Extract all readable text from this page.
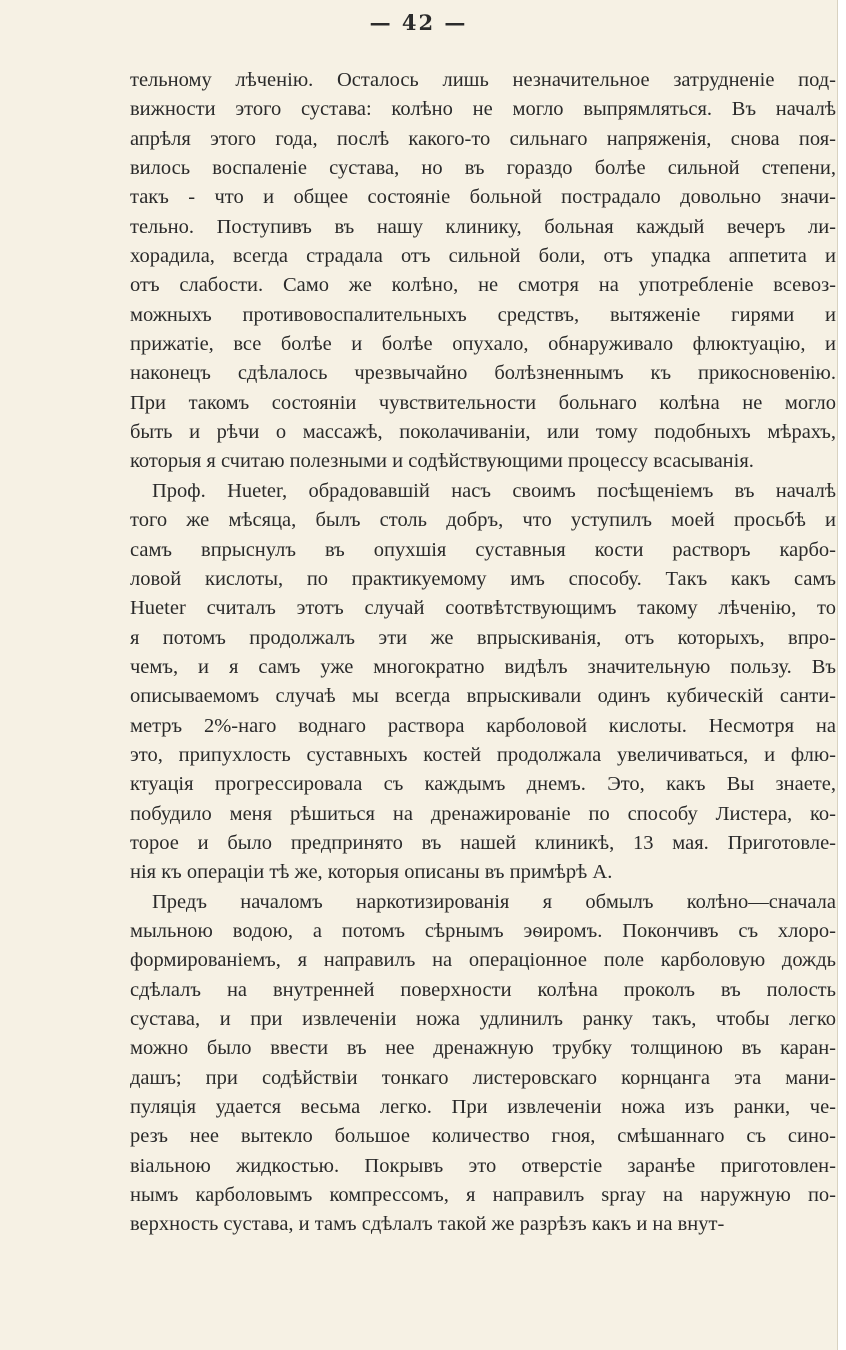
— 42 —
тельному лѣченію. Осталось лишь незначительное затрудненіе под-
вижности этого сустава: колѣно не могло выпрямляться. Въ началѣ
апрѣля этого года, послѣ какого-то сильнаго напряженія, снова поя-
вилось воспаленіе сустава, но въ гораздо болѣе сильной степени,
такъ - что и общее состояніе больной пострадало довольно значи-
тельно. Поступивъ въ нашу клинику, больная каждый вечеръ ли-
хорадила, всегда страдала отъ сильной боли, отъ упадка аппетита и
отъ слабости. Само же колѣно, не смотря на употребленіе всевоз-
можныхъ противовоспалительныхъ средствъ, вытяженіе гирями и
прижатіе, все болѣе и болѣе опухало, обнаруживало флюктуацію, и
наконецъ сдѣлалось чрезвычайно болѣзненнымъ къ прикосновенію.
При такомъ состояніи чувствительности больнаго колѣна не могло
быть и рѣчи о массажѣ, поколачиваніи, или тому подобныхъ мѣрахъ,
которыя я считаю полезными и содѣйствующими процессу всасыванія.
Проф. Hueter, обрадовавшій насъ своимъ посѣщеніемъ въ началѣ
того же мѣсяца, былъ столь добръ, что уступилъ моей просьбѣ и
самъ впрыснулъ въ опухшія суставныя кости растворъ карбо-
ловой кислоты, по практикуемому имъ способу. Такъ какъ самъ
Hueter считалъ этотъ случай соотвѣтствующимъ такому лѣченію, то
я потомъ продолжалъ эти же впрыскиванія, отъ которыхъ, впро-
чемъ, и я самъ уже многократно видѣлъ значительную пользу. Въ
описываемомъ случаѣ мы всегда впрыскивали одинъ кубическій санти-
метръ 2%-наго воднаго раствора карболовой кислоты. Несмотря на
это, припухлость суставныхъ костей продолжала увеличиваться, и флю-
ктуація прогрессировала съ каждымъ днемъ. Это, какъ Вы знаете,
побудило меня рѣшиться на дренажированіе по способу Листера, ко-
торое и было предпринято въ нашей клиникѣ, 13 мая. Приготовле-
нія къ операціи тѣ же, которыя описаны въ примѣрѣ А.
Предъ началомъ наркотизированія я обмылъ колѣно—сначала
мыльною водою, а потомъ сѣрнымъ эѳиромъ. Покончивъ съ хлоро-
формированіемъ, я направилъ на операціонное поле карболовую дождь
сдѣлалъ на внутренней поверхности колѣна проколъ въ полость
сустава, и при извлеченіи ножа удлинилъ ранку такъ, чтобы легко
можно было ввести въ нее дренажную трубку толщиною въ каран-
дашъ; при содѣйствіи тонкаго листеровскаго корнцанга эта мани-
пуляція удается весьма легко. При извлеченіи ножа изъ ранки, че-
резъ нее вытекло большое количество гноя, смѣшаннаго съ сино-
віальною жидкостью. Покрывъ это отверстіе заранѣе приготовлен-
нымъ карболовымъ компрессомъ, я направилъ spray на наружную по-
верхность сустава, и тамъ сдѣлалъ такой же разрѣзъ какъ и на внут-
